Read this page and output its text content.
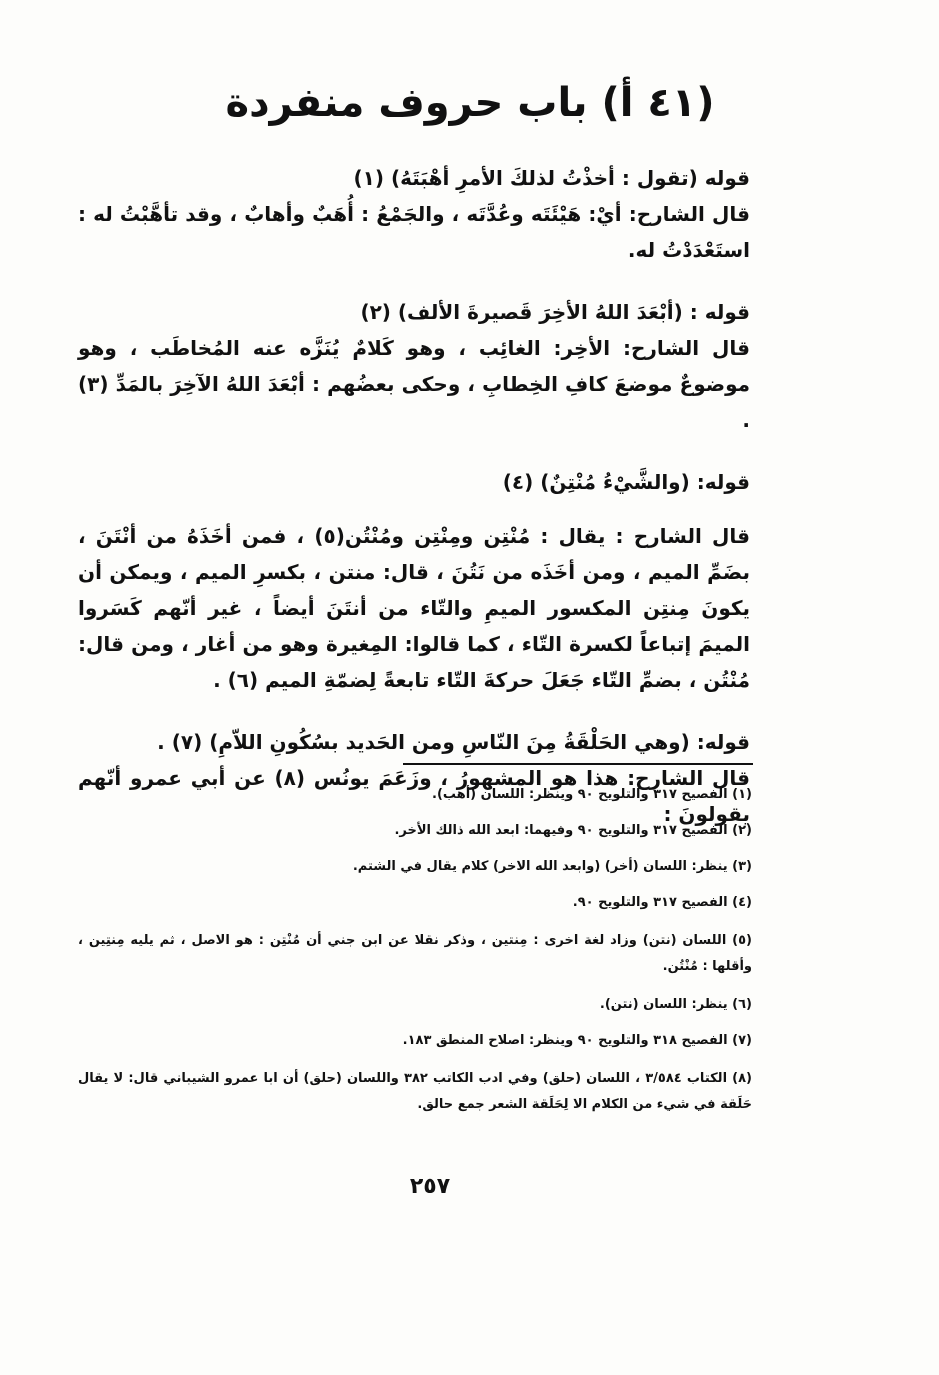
(٤١ أ) باب حروف منفردة

قوله (تقول : أخذْتُ لذلكَ الأمرِ أهْبَتَهُ) (١)

قال الشارح: أيْ: هَيْئَتَه وعُدَّتَه ، والجَمْعُ : أُهَبٌ وأهابٌ ، وقد تأهَّبْتُ له : استَعْدَدْتُ له.

قوله : (أبْعَدَ اللهُ الأخِرَ قَصيرةَ الألف) (٢)

قال الشارح: الأخِر: الغائِب ، وهو كَلامٌ يُنَزَّه عنه المُخاطَب ، وهو موضوعٌ موضعَ كافِ الخِطابِ ، وحكى بعضُهم : أبْعَدَ اللهُ الآخِرَ بالمَدِّ (٣) .

قوله: (والشَّيْءُ مُنْتِنٌ) (٤)

قال الشارح : يقال : مُنْتِن ومِنْتِن ومُنْتُن(٥) ، فمن أخَذَهُ من أنْتَنَ ، بضَمِّ الميم ، ومن أخَذَه من نَتُنَ ، قال: منتن ، بكسرِ الميم ، ويمكن أن يكونَ مِنتِن المكسور الميمِ والتّاء من أنتَنَ أيضاً ، غير أنّهم كَسَروا الميمَ إتباعاً لكسرة التّاء ، كما قالوا: المِغيرة وهو من أغار ، ومن قال: مُنْتُن ، بضمِّ التّاء جَعَلَ حركةَ التّاء تابعةً لِضمّةِ الميم (٦) .

قوله: (وهي الحَلْقَةُ مِنَ النّاسِ ومن الحَديد بسُكُونِ اللاّمِ) (٧) .

قال الشارح: هذا هو المشهورُ ، وزَعَمَ يونُس (٨) عن أبي عمرو أنّهم يقولونَ :

(١) الفصيح ٣١٧ والتلويح ٩٠ وينظر: اللسان (أهب).

(٢) الفصيح ٣١٧ والتلويح ٩٠ وفيهما: ابعد الله ذالك الأخر.

(٣) ينظر: اللسان (أخر) (وابعد الله الاخر) كلام يقال في الشتم.

(٤) الفصيح ٣١٧ والتلويح ٩٠.

(٥) اللسان (نتن) وزاد لغة اخرى : مِنتين ، وذكر نقلا عن ابن جني أن مُنْتِن : هو الاصل ، ثم يليه مِنتِين ، وأقلها : مُنْتُن.

(٦) ينظر: اللسان (نتن).

(٧) الفصيح ٣١٨ والتلويح ٩٠ وينظر: اصلاح المنطق ١٨٣.

(٨) الكتاب ٣/٥٨٤ ، اللسان (حلق) وفي ادب الكاتب ٣٨٢ واللسان (حلق) أن ابا عمرو الشيباني قال: لا يقال حَلَقة في شيء من الكلام الا لِحَلَقة الشعر جمع حالق.

٢٥٧
